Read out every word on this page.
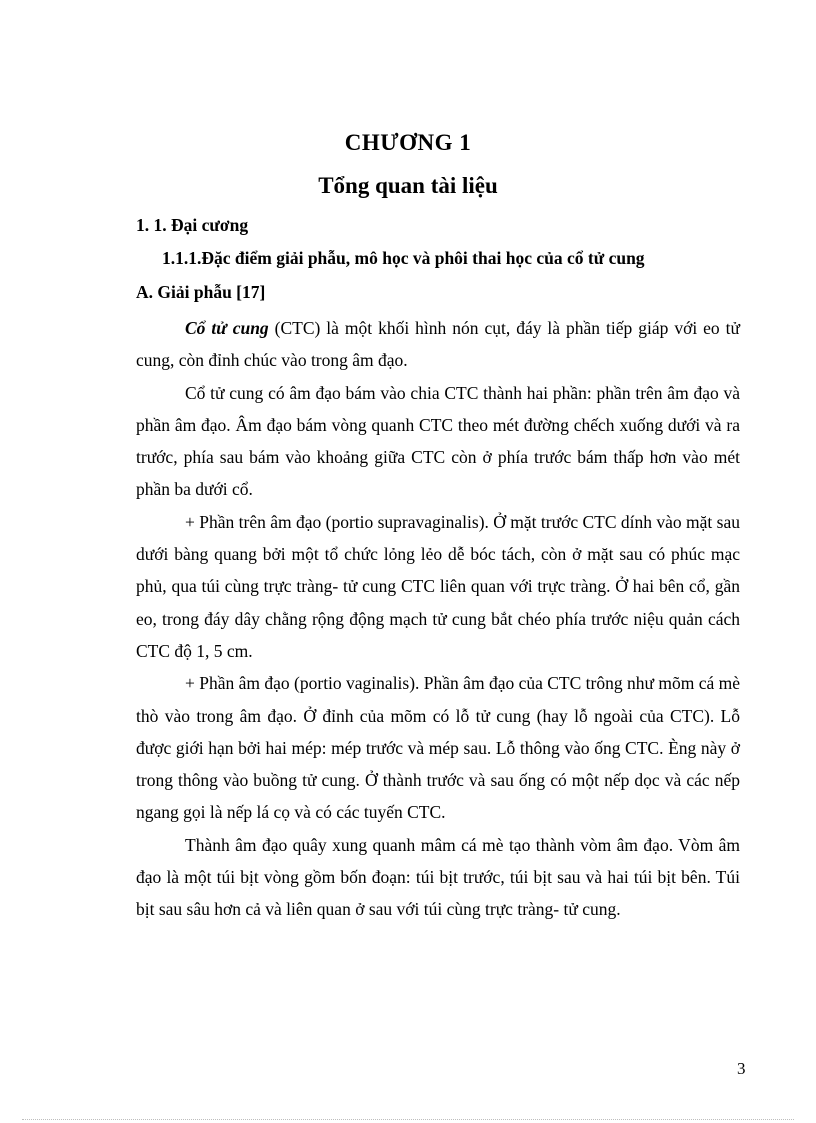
CHƯƠNG 1
Tổng quan tài liệu
1. 1. Đại cương
1.1.1.Đặc điểm giải phẫu, mô học và phôi thai học của cổ tử cung
A. Giải phẫu [17]

Cổ tử cung (CTC) là một khối hình nón cụt, đáy là phần tiếp giáp với eo tử cung, còn đỉnh chúc vào trong âm đạo.

Cổ tử cung có âm đạo bám vào chia CTC thành hai phần: phần trên âm đạo và phần âm đạo. Âm đạo bám vòng quanh CTC theo mét đường chếch xuống dưới và ra trước, phía sau bám vào khoảng giữa CTC còn ở phía trước bám thấp hơn vào mét phần ba dưới cổ.

+ Phần trên âm đạo (portio supravaginalis). Ở mặt trước CTC dính vào mặt sau dưới bàng quang bởi một tổ chức lỏng lẻo dễ bóc tách, còn ở mặt sau có phúc mạc phủ, qua túi cùng trực tràng- tử cung CTC liên quan với trực tràng. Ở hai bên cổ, gần eo, trong đáy dây chằng rộng động mạch tử cung bắt chéo phía trước niệu quản cách CTC độ 1, 5 cm.

+ Phần âm đạo (portio vaginalis). Phần âm đạo của CTC trông như mõm cá mè thò vào trong âm đạo. Ở đỉnh của mõm có lỗ tử cung (hay lỗ ngoài của CTC). Lỗ được giới hạn bởi hai mép: mép trước và mép sau. Lỗ thông vào ống CTC. Ѐng này ở trong thông vào buồng tử cung. Ở thành trước và sau ống có một nếp dọc và các nếp ngang gọi là nếp lá cọ và có các tuyến CTC.

Thành âm đạo quây xung quanh mâm cá mè tạo thành vòm âm đạo. Vòm âm đạo là một túi bịt vòng gồm bốn đoạn: túi bịt trước, túi bịt sau và hai túi bịt bên. Túi bịt sau sâu hơn cả và liên quan ở sau với túi cùng trực tràng- tử cung.

3
